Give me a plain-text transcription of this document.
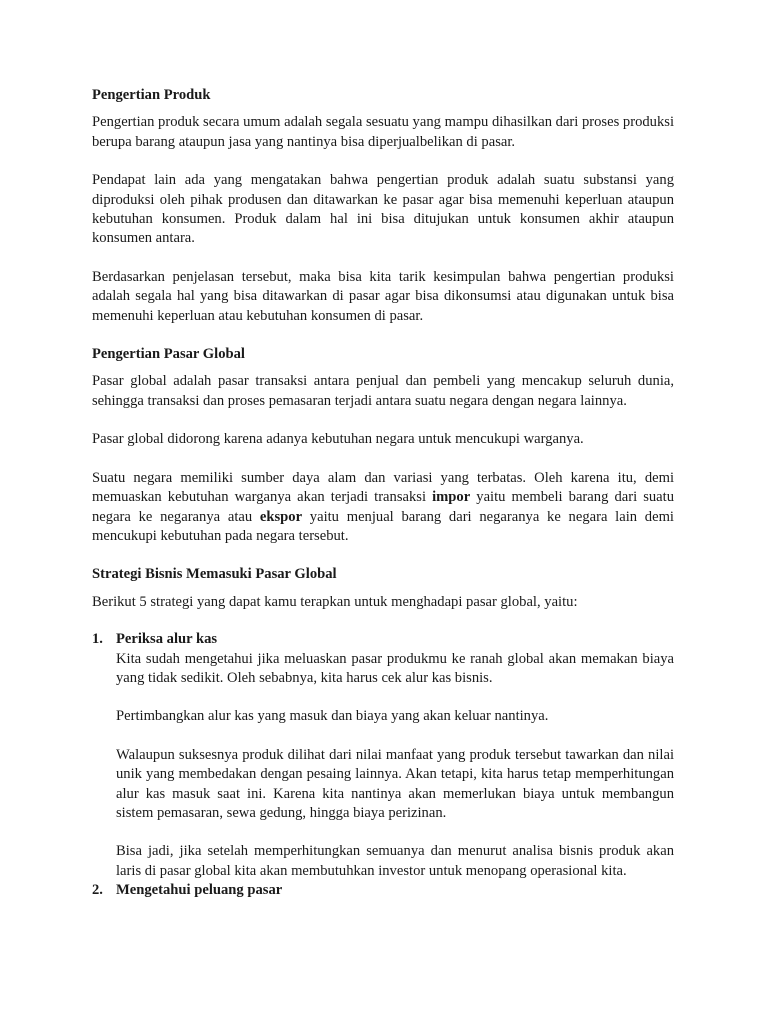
Pengertian Produk

Pengertian produk secara umum adalah segala sesuatu yang mampu dihasilkan dari proses produksi berupa barang ataupun jasa yang nantinya bisa diperjualbelikan di pasar.

Pendapat lain ada yang mengatakan bahwa pengertian produk adalah suatu substansi yang diproduksi oleh pihak produsen dan ditawarkan ke pasar agar bisa memenuhi keperluan ataupun kebutuhan konsumen. Produk dalam hal ini bisa ditujukan untuk konsumen akhir ataupun konsumen antara.

Berdasarkan penjelasan tersebut, maka bisa kita tarik kesimpulan bahwa pengertian produksi adalah segala hal yang bisa ditawarkan di pasar agar bisa dikonsumsi atau digunakan untuk bisa memenuhi keperluan atau kebutuhan konsumen di pasar.

Pengertian Pasar Global

Pasar global adalah pasar transaksi antara penjual dan pembeli yang mencakup seluruh dunia, sehingga transaksi dan proses pemasaran terjadi antara suatu negara dengan negara lainnya.

Pasar global didorong karena adanya kebutuhan negara untuk mencukupi warganya.

Suatu negara memiliki sumber daya alam dan variasi yang terbatas. Oleh karena itu, demi memuaskan kebutuhan warganya akan terjadi transaksi impor yaitu membeli barang dari suatu negara ke negaranya atau ekspor yaitu menjual barang dari negaranya ke negara lain demi mencukupi kebutuhan pada negara tersebut.

Strategi Bisnis Memasuki Pasar Global

Berikut 5 strategi yang dapat kamu terapkan untuk menghadapi pasar global, yaitu:

1. Periksa alur kas

Kita sudah mengetahui jika meluaskan pasar produkmu ke ranah global akan memakan biaya yang tidak sedikit. Oleh sebabnya, kita harus cek alur kas bisnis.

Pertimbangkan alur kas yang masuk dan biaya yang akan keluar nantinya.

Walaupun suksesnya produk dilihat dari nilai manfaat yang produk tersebut tawarkan dan nilai unik yang membedakan dengan pesaing lainnya. Akan tetapi, kita harus tetap memperhitungan alur kas masuk saat ini. Karena kita nantinya akan memerlukan biaya untuk membangun sistem pemasaran, sewa gedung, hingga biaya perizinan.

Bisa jadi, jika setelah memperhitungkan semuanya dan menurut analisa bisnis produk akan laris di pasar global kita akan membutuhkan investor untuk menopang operasional kita.

2. Mengetahui peluang pasar
